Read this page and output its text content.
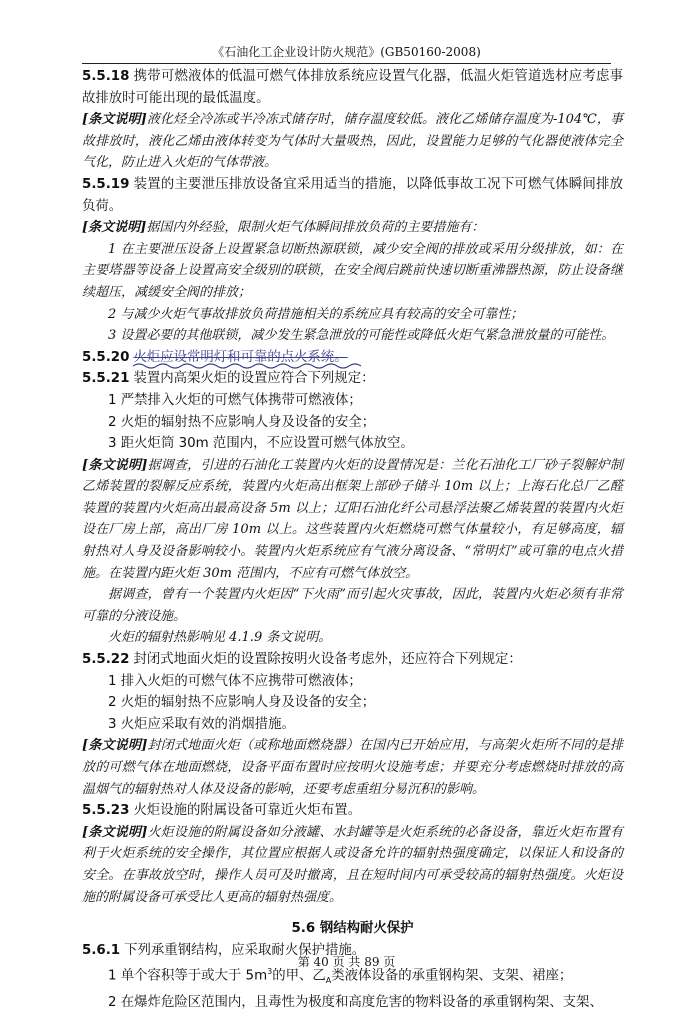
《石油化工企业设计防火规范》(GB50160-2008)

5.5.18 携带可燃液体的低温可燃气体排放系统应设置气化器，低温火炬管道选材应考虑事故排放时可能出现的最低温度。

[条文说明]液化烃全冷冻或半冷冻式储存时，储存温度较低。液化乙烯储存温度为-104℃，事故排放时，液化乙烯由液体转变为气体时大量吸热，因此，设置能力足够的气化器使液体完全气化，防止进入火炬的气体带液。

5.5.19 装置的主要泄压排放设备宜采用适当的措施，以降低事故工况下可燃气体瞬间排放负荷。

[条文说明]据国内外经验，限制火炬气体瞬间排放负荷的主要措施有：

1 在主要泄压设备上设置紧急切断热源联锁，减少安全阀的排放或采用分级排放，如：在主要塔器等设备上设置高安全级别的联锁，在安全阀启跳前快速切断重沸器热源，防止设备继续超压，减缓安全阀的排放；

2 与减少火炬气事故排放负荷措施相关的系统应具有较高的安全可靠性；

3 设置必要的其他联锁，减少发生紧急泄放的可能性或降低火炬气紧急泄放量的可能性。

5.5.20 火炬应设常明灯和可靠的点火系统。

5.5.21 装置内高架火炬的设置应符合下列规定：

1 严禁排入火炬的可燃气体携带可燃液体；

2 火炬的辐射热不应影响人身及设备的安全；

3 距火炬筒 30m 范围内，不应设置可燃气体放空。

[条文说明]据调查，引进的石油化工装置内火炬的设置情况是：兰化石油化工厂砂子裂解炉制乙烯装置的裂解反应系统，装置内火炬高出框架上部砂子储斗 10m 以上；上海石化总厂乙醛装置的装置内火炬高出最高设备 5m 以上；辽阳石油化纤公司悬浮法聚乙烯装置的装置内火炬设在厂房上部，高出厂房 10m 以上。这些装置内火炬燃烧可燃气体量较小，有足够高度，辐射热对人身及设备影响较小。装置内火炬系统应有气液分离设备、“常明灯”或可靠的电点火措施。在装置内距火炬 30m 范围内，不应有可燃气体放空。

据调查，曾有一个装置内火炬因“下火雨”而引起火灾事故，因此，装置内火炬必须有非常可靠的分液设施。

火炬的辐射热影响见 4.1.9 条文说明。

5.5.22 封闭式地面火炬的设置除按明火设备考虑外，还应符合下列规定：

1 排入火炬的可燃气体不应携带可燃液体；

2 火炬的辐射热不应影响人身及设备的安全；

3 火炬应采取有效的消烟措施。

[条文说明]封闭式地面火炬（或称地面燃烧器）在国内已开始应用，与高架火炬所不同的是排放的可燃气体在地面燃烧，设备平面布置时应按明火设施考虑；并要充分考虑燃烧时排放的高温烟气的辐射热对人体及设备的影响，还要考虑重组分易沉积的影响。

5.5.23 火炬设施的附属设备可靠近火炬布置。

[条文说明]火炬设施的附属设备如分液罐、水封罐等是火炬系统的必备设备，靠近火炬布置有利于火炬系统的安全操作，其位置应根据人或设备允许的辐射热强度确定，以保证人和设备的安全。在事故放空时，操作人员可及时撤离，且在短时间内可承受较高的辐射热强度。火炬设施的附属设备可承受比人更高的辐射热强度。

5.6 钢结构耐火保护

5.6.1 下列承重钢结构，应采取耐火保护措施。

1 单个容积等于或大于 $5m^3$的甲、乙$_A$类液体设备的承重钢构架、支架、裙座；

2 在爆炸危险区范围内，且毒性为极度和高度危害的物料设备的承重钢构架、支架、

第 40 页 共 89 页
